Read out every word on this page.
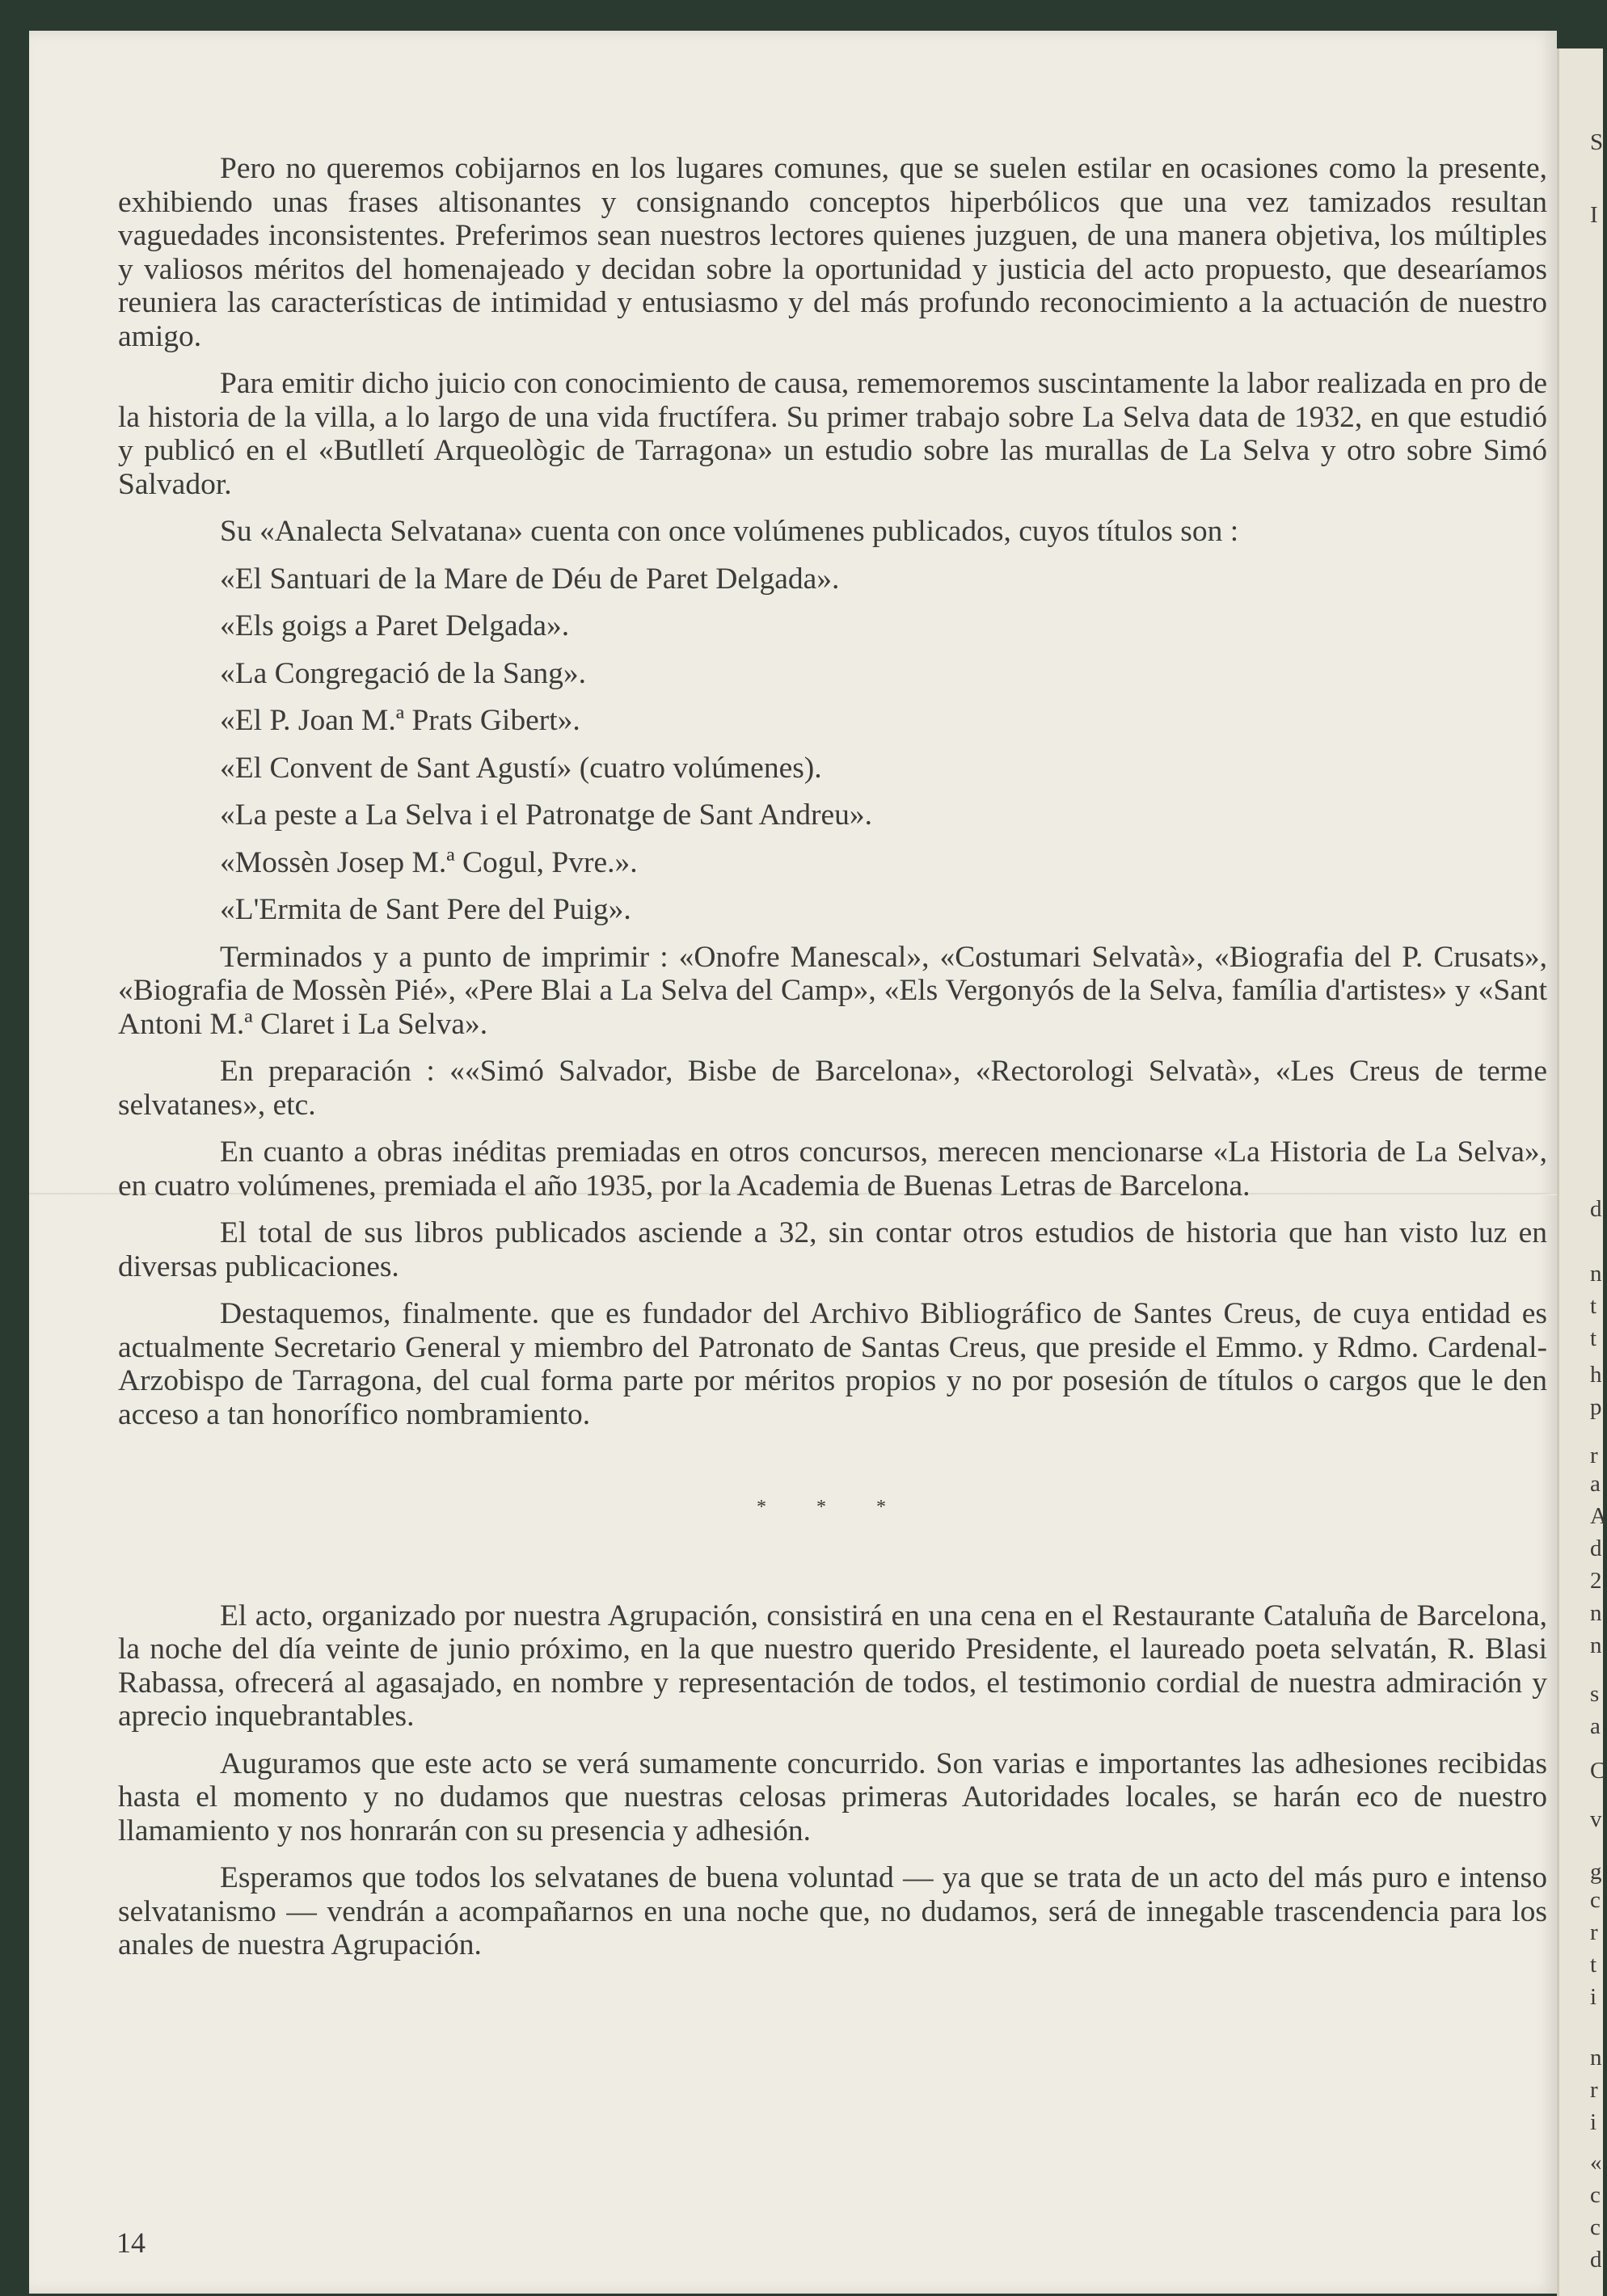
Pero no queremos cobijarnos en los lugares comunes, que se suelen estilar en ocasiones como la presente, exhibiendo unas frases altisonantes y consignando conceptos hiperbólicos que una vez tamizados resultan vaguedades inconsistentes. Preferimos sean nuestros lectores quienes juzguen, de una manera objetiva, los múltiples y valiosos méritos del homenajeado y decidan sobre la oportunidad y justicia del acto propuesto, que desearíamos reuniera las características de intimidad y entusiasmo y del más profundo reconocimiento a la actuación de nuestro amigo.

Para emitir dicho juicio con conocimiento de causa, rememoremos suscintamente la labor realizada en pro de la historia de la villa, a lo largo de una vida fructífera. Su primer trabajo sobre La Selva data de 1932, en que estudió y publicó en el «Butlletí Arqueològic de Tarragona» un estudio sobre las murallas de La Selva y otro sobre Simó Salvador.

Su «Analecta Selvatana» cuenta con once volúmenes publicados, cuyos títulos son :

«El Santuari de la Mare de Déu de Paret Delgada».
«Els goigs a Paret Delgada».
«La Congregació de la Sang».
«El P. Joan M.ª Prats Gibert».
«El Convent de Sant Agustí» (cuatro volúmenes).
«La peste a La Selva i el Patronatge de Sant Andreu».
«Mossèn Josep M.ª Cogul, Pvre.».
«L'Ermita de Sant Pere del Puig».

Terminados y a punto de imprimir : «Onofre Manescal», «Costumari Selvatà», «Biografia del P. Crusats», «Biografia de Mossèn Pié», «Pere Blai a La Selva del Camp», «Els Vergonyós de la Selva, família d'artistes» y «Sant Antoni M.ª Claret i La Selva».

En preparación : ««Simó Salvador, Bisbe de Barcelona», «Rectorologi Selvatà», «Les Creus de terme selvatanes», etc.

En cuanto a obras inéditas premiadas en otros concursos, merecen mencionarse «La Historia de La Selva», en cuatro volúmenes, premiada el año 1935, por la Academia de Buenas Letras de Barcelona.

El total de sus libros publicados asciende a 32, sin contar otros estudios de historia que han visto luz en diversas publicaciones.

Destaquemos, finalmente. que es fundador del Archivo Bibliográfico de Santes Creus, de cuya entidad es actualmente Secretario General y miembro del Patronato de Santas Creus, que preside el Emmo. y Rdmo. Cardenal-Arzobispo de Tarragona, del cual forma parte por méritos propios y no por posesión de títulos o cargos que le den acceso a tan honorífico nombramiento.

* * *

El acto, organizado por nuestra Agrupación, consistirá en una cena en el Restaurante Cataluña de Barcelona, la noche del día veinte de junio próximo, en la que nuestro querido Presidente, el laureado poeta selvatán, R. Blasi Rabassa, ofrecerá al agasajado, en nombre y representación de todos, el testimonio cordial de nuestra admiración y aprecio inquebrantables.

Auguramos que este acto se verá sumamente concurrido. Son varias e importantes las adhesiones recibidas hasta el momento y no dudamos que nuestras celosas primeras Autoridades locales, se harán eco de nuestro llamamiento y nos honrarán con su presencia y adhesión.

Esperamos que todos los selvatanes de buena voluntad — ya que se trata de un acto del más puro e intenso selvatanismo — vendrán a acompañarnos en una noche que, no dudamos, será de innegable trascendencia para los anales de nuestra Agrupación.

14
S
I
d
n
t
t
h
p
r
a
A
d
2
n
n
s
a
C
v
g
c
r
t
i
n
r
i
«
c
c
d
